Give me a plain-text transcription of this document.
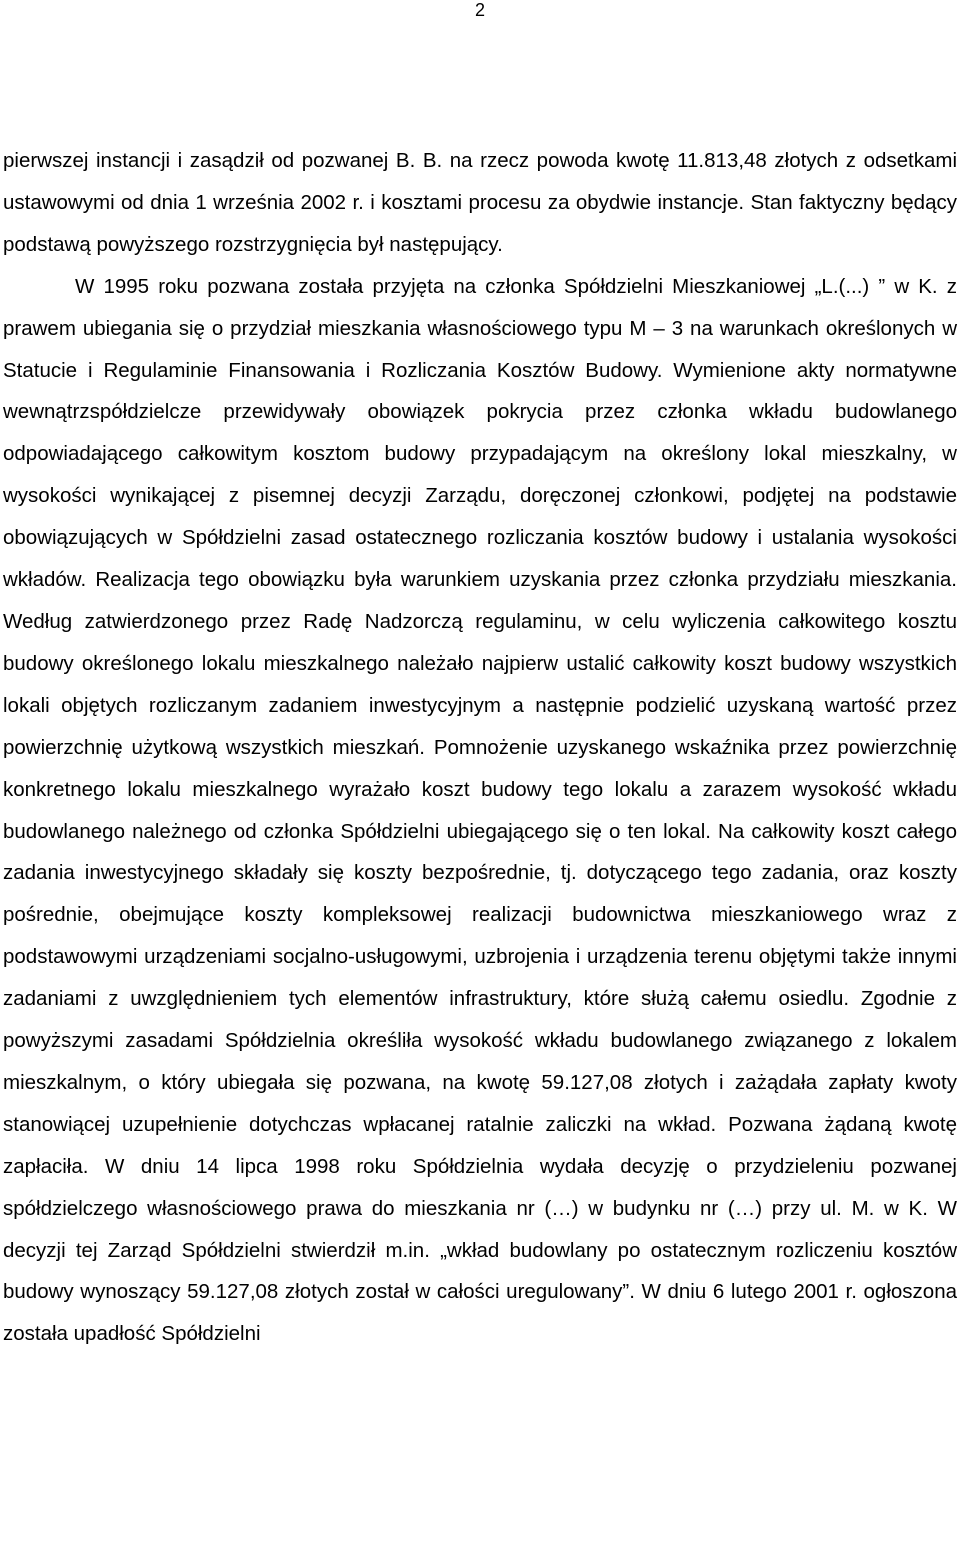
2

pierwszej instancji i zasądził od pozwanej B. B. na rzecz powoda kwotę 11.813,48 złotych z odsetkami ustawowymi od dnia 1 września 2002 r. i kosztami procesu za obydwie instancje. Stan faktyczny będący podstawą powyższego rozstrzygnięcia był następujący.

W 1995 roku pozwana została przyjęta na członka Spółdzielni Mieszkaniowej „L.(...) ” w K. z prawem ubiegania się o przydział mieszkania własnościowego typu M – 3 na warunkach określonych w Statucie i Regulaminie Finansowania i Rozliczania Kosztów Budowy. Wymienione akty normatywne wewnątrzspółdzielcze przewidywały obowiązek pokrycia przez członka wkładu budowlanego odpowiadającego całkowitym kosztom budowy przypadającym na określony lokal mieszkalny, w wysokości wynikającej z pisemnej decyzji Zarządu, doręczonej członkowi, podjętej na podstawie obowiązujących w Spółdzielni zasad ostatecznego rozliczania kosztów budowy i ustalania wysokości wkładów. Realizacja tego obowiązku była warunkiem uzyskania przez członka przydziału mieszkania. Według zatwierdzonego przez Radę Nadzorczą regulaminu, w celu wyliczenia całkowitego kosztu budowy określonego lokalu mieszkalnego należało najpierw ustalić całkowity koszt budowy wszystkich lokali objętych rozliczanym zadaniem inwestycyjnym a następnie podzielić uzyskaną wartość przez powierzchnię użytkową wszystkich mieszkań. Pomnożenie uzyskanego wskaźnika przez powierzchnię konkretnego lokalu mieszkalnego wyrażało koszt budowy tego lokalu a zarazem wysokość wkładu budowlanego należnego od członka Spółdzielni ubiegającego się o ten lokal. Na całkowity koszt całego zadania inwestycyjnego składały się koszty bezpośrednie, tj. dotyczącego tego zadania, oraz koszty pośrednie, obejmujące koszty kompleksowej realizacji budownictwa mieszkaniowego wraz z podstawowymi urządzeniami socjalno-usługowymi, uzbrojenia i urządzenia terenu objętymi także innymi zadaniami z uwzględnieniem tych elementów infrastruktury, które służą całemu osiedlu. Zgodnie z powyższymi zasadami Spółdzielnia określiła wysokość wkładu budowlanego związanego z lokalem mieszkalnym, o który ubiegała się pozwana, na kwotę 59.127,08 złotych i zażądała zapłaty kwoty stanowiącej uzupełnienie dotychczas wpłacanej ratalnie zaliczki na wkład. Pozwana żądaną kwotę zapłaciła. W dniu 14 lipca 1998 roku Spółdzielnia wydała decyzję o przydzieleniu pozwanej spółdzielczego własnościowego prawa do mieszkania nr (…) w budynku nr (…) przy ul. M. w K. W decyzji tej Zarząd Spółdzielni stwierdził m.in. „wkład budowlany po ostatecznym rozliczeniu kosztów budowy wynoszący 59.127,08 złotych został w całości uregulowany”. W dniu 6 lutego 2001 r. ogłoszona została upadłość Spółdzielni
